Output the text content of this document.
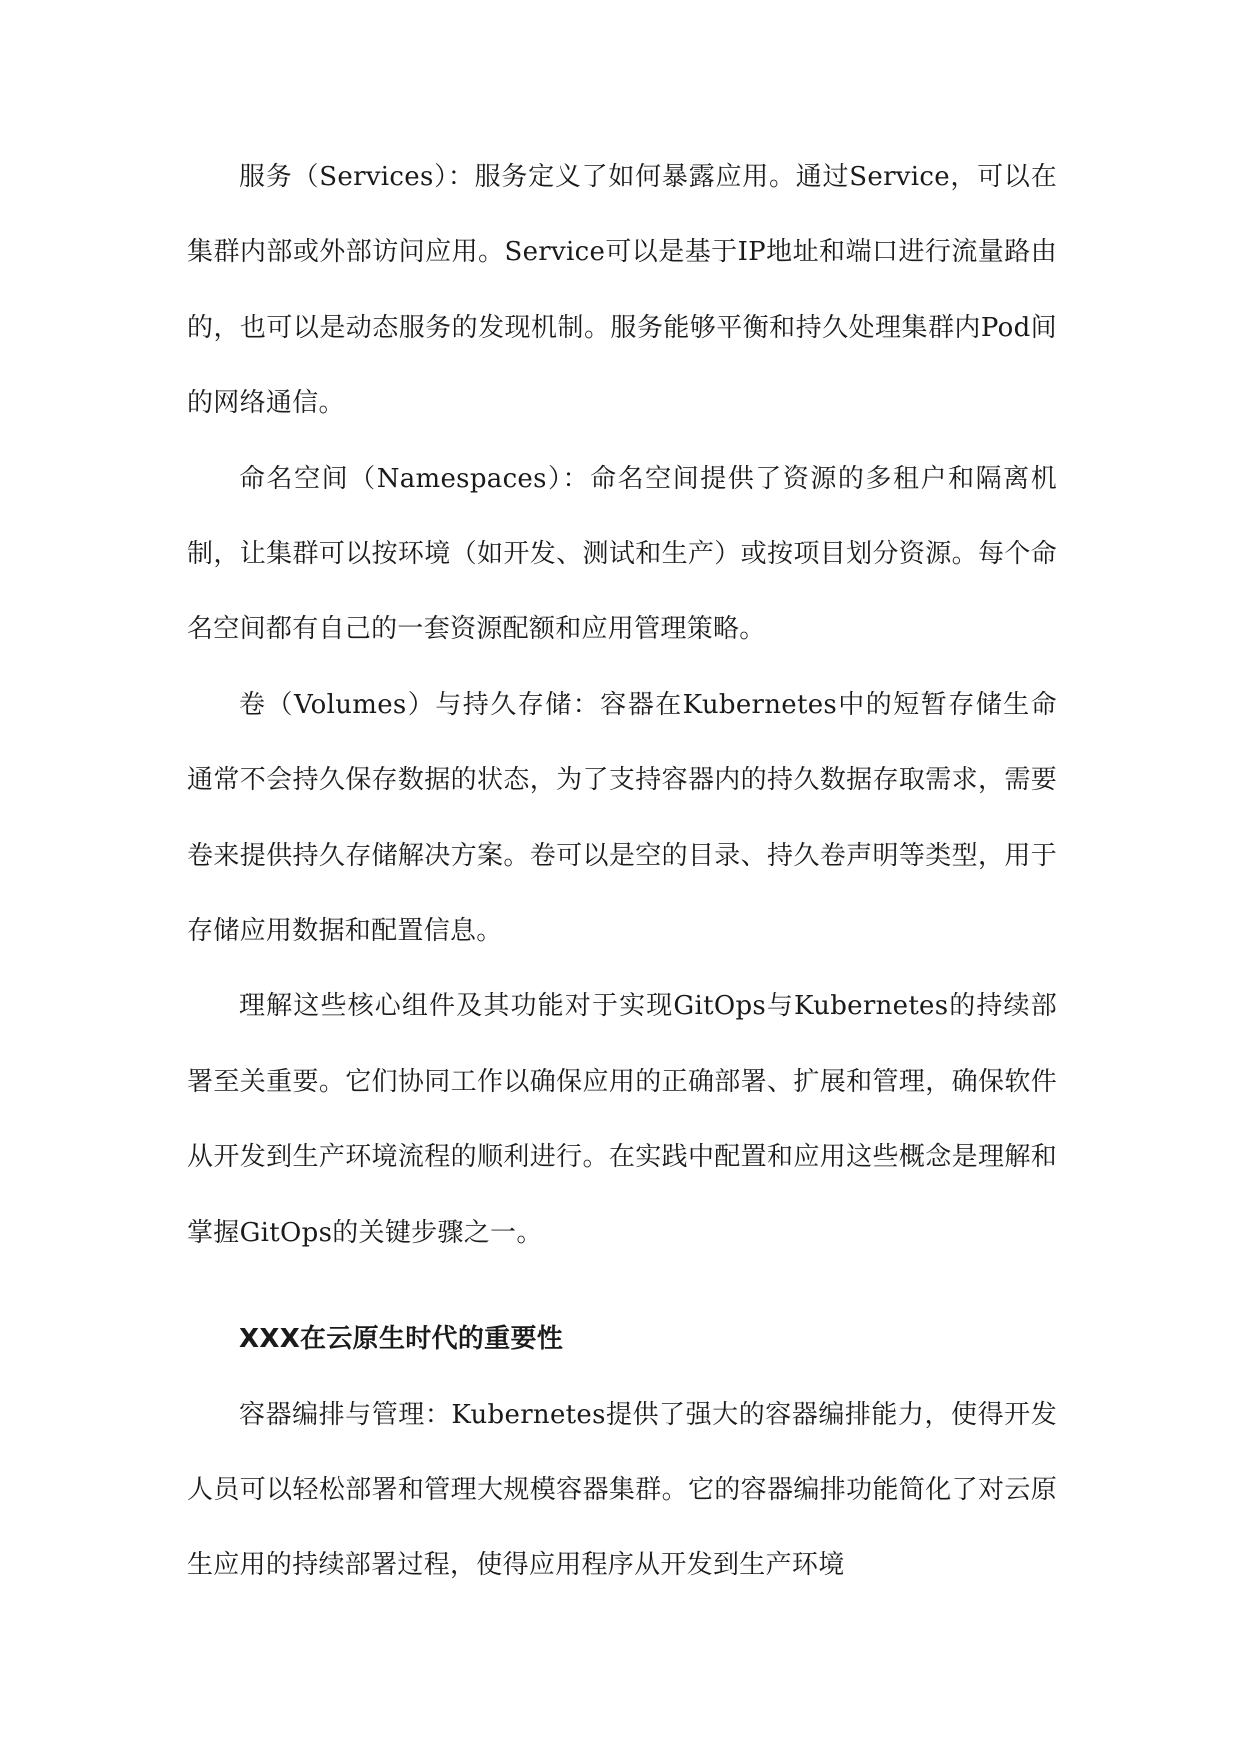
服务（Services）：服务定义了如何暴露应用。通过Service，可以在集群内部或外部访问应用。Service可以是基于IP地址和端口进行流量路由的，也可以是动态服务的发现机制。服务能够平衡和持久处理集群内Pod间的网络通信。

命名空间（Namespaces）：命名空间提供了资源的多租户和隔离机制，让集群可以按环境（如开发、测试和生产）或按项目划分资源。每个命名空间都有自己的一套资源配额和应用管理策略。

卷（Volumes）与持久存储：容器在Kubernetes中的短暂存储生命通常不会持久保存数据的状态，为了支持容器内的持久数据存取需求，需要卷来提供持久存储解决方案。卷可以是空的目录、持久卷声明等类型，用于存储应用数据和配置信息。

理解这些核心组件及其功能对于实现GitOps与Kubernetes的持续部署至关重要。它们协同工作以确保应用的正确部署、扩展和管理，确保软件从开发到生产环境流程的顺利进行。在实践中配置和应用这些概念是理解和掌握GitOps的关键步骤之一。

XXX在云原生时代的重要性

容器编排与管理：Kubernetes提供了强大的容器编排能力，使得开发人员可以轻松部署和管理大规模容器集群。它的容器编排功能简化了对云原生应用的持续部署过程，使得应用程序从开发到生产环境
